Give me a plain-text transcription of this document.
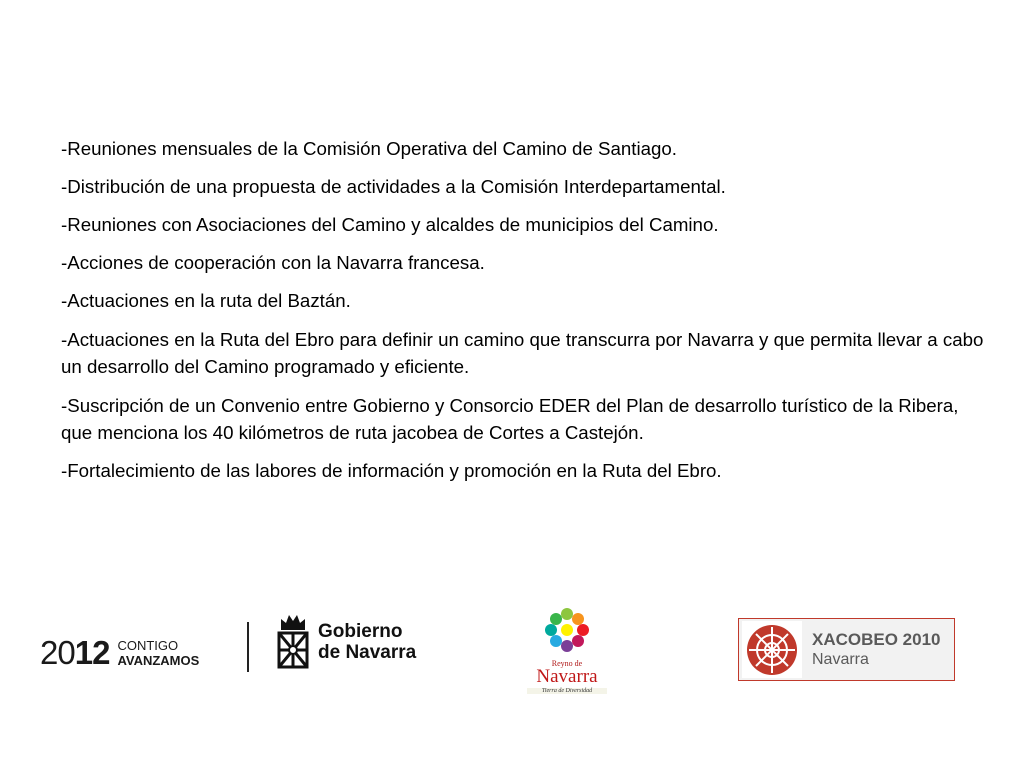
-Reuniones mensuales de la Comisión Operativa del Camino de Santiago.
-Distribución de una propuesta de actividades a la Comisión Interdepartamental.
-Reuniones con Asociaciones del Camino y alcaldes de municipios del Camino.
-Acciones de cooperación con la Navarra francesa.
-Actuaciones en la ruta del Baztán.
-Actuaciones en la Ruta del Ebro para definir un camino que transcurra por Navarra y que permita llevar a cabo un desarrollo del Camino programado y eficiente.
-Suscripción de un Convenio entre Gobierno y Consorcio EDER del Plan de desarrollo turístico de la Ribera, que menciona los 40 kilómetros de ruta jacobea de Cortes a Castejón.
-Fortalecimiento de las labores de información y promoción en la Ruta del Ebro.
2012 CONTIGO
AVANZAMOS
Gobierno
de Navarra
Reyno de
Navarra
Tierra de Diversidad
XACOBEO 2010
Navarra
